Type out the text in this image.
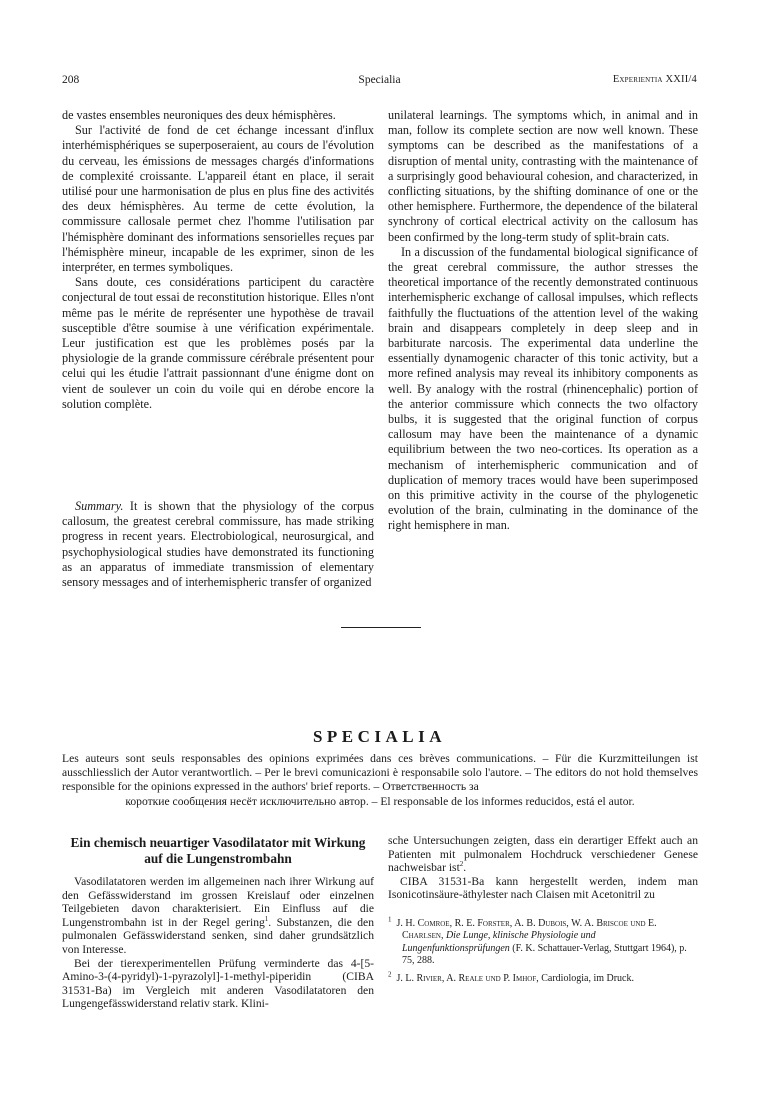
208	Specialia	Experientia XXII/4

de vastes ensembles neuroniques des deux hémisphères.

Sur l'activité de fond de cet échange incessant d'influx interhémisphériques se superposeraient, au cours de l'évolution du cerveau, les émissions de messages chargés d'informations de complexité croissante. L'appareil étant en place, il serait utilisé pour une harmonisation de plus en plus fine des activités des deux hémisphères. Au terme de cette évolution, la commissure callosale permet chez l'homme l'utilisation par l'hémisphère dominant des informations sensorielles reçues par l'hémisphère mineur, incapable de les exprimer, sinon de les interpréter, en termes symboliques.

Sans doute, ces considérations participent du caractère conjectural de tout essai de reconstitution historique. Elles n'ont même pas le mérite de représenter une hypothèse de travail susceptible d'être soumise à une vérification expérimentale. Leur justification est que les problèmes posés par la physiologie de la grande commissure cérébrale présentent pour celui qui les étudie l'attrait passionnant d'une énigme dont on vient de soulever un coin du voile qui en dérobe encore la solution complète.

Summary. It is shown that the physiology of the corpus callosum, the greatest cerebral commissure, has made striking progress in recent years. Electrobiological, neurosurgical, and psychophysiological studies have demonstrated its functioning as an apparatus of immediate transmission of elementary sensory messages and of interhemispheric transfer of organized

unilateral learnings. The symptoms which, in animal and in man, follow its complete section are now well known. These symptoms can be described as the manifestations of a disruption of mental unity, contrasting with the maintenance of a surprisingly good behavioural cohesion, and characterized, in conflicting situations, by the shifting dominance of one or the other hemisphere. Furthermore, the dependence of the bilateral synchrony of cortical electrical activity on the callosum has been confirmed by the long-term study of split-brain cats.

In a discussion of the fundamental biological significance of the great cerebral commissure, the author stresses the theoretical importance of the recently demonstrated continuous interhemispheric exchange of callosal impulses, which reflects faithfully the fluctuations of the attention level of the waking brain and disappears completely in deep sleep and in barbiturate narcosis. The experimental data underline the essentially dynamogenic character of this tonic activity, but a more refined analysis may reveal its inhibitory components as well. By analogy with the rostral (rhinencephalic) portion of the anterior commissure which connects the two olfactory bulbs, it is suggested that the original function of corpus callosum may have been the maintenance of a dynamic equilibrium between the two neo-cortices. Its operation as a mechanism of interhemispheric communication and of duplication of memory traces would have been superimposed on this primitive activity in the course of the phylogenetic evolution of the brain, culminating in the dominance of the right hemisphere in man.

SPECIALIA
Les auteurs sont seuls responsables des opinions exprimées dans ces brèves communications. – Für die Kurzmitteilungen ist ausschliesslich der Autor verantwortlich. – Per le brevi comunicazioni è responsabile solo l'autore. – The editors do not hold themselves responsible for the opinions expressed in the authors' brief reports. – Ответственность за
короткие сообщения несёт исключительно автор. – El responsable de los informes reducidos, está el autor.
Ein chemisch neuartiger Vasodilatator mit Wirkung auf die Lungenstrombahn

Vasodilatatoren werden im allgemeinen nach ihrer Wirkung auf den Gefässwiderstand im grossen Kreislauf oder einzelnen Teilgebieten davon charakterisiert. Ein Einfluss auf die Lungenstrombahn ist in der Regel gering$^1$. Substanzen, die den pulmonalen Gefässwiderstand senken, sind daher grundsätzlich von Interesse.

Bei der tierexperimentellen Prüfung verminderte das 4-[5-Amino-3-(4-pyridyl)-1-pyrazolyl]-1-methyl-piperidin (CIBA 31531-Ba) im Vergleich mit anderen Vasodilatatoren den Lungengefässwiderstand relativ stark. Klini-

sche Untersuchungen zeigten, dass ein derartiger Effekt auch an Patienten mit pulmonalem Hochdruck verschiedener Genese nachweisbar ist$^2$.

CIBA 31531-Ba kann hergestellt werden, indem man Isonicotinsäure-äthylester nach Claisen mit Acetonitril zu

$^1$ J. H. Comroe, R. E. Forster, A. B. Dubois, W. A. Briscoe und E. Charlsen, Die Lunge, klinische Physiologie und Lungenfunktionsprüfungen (F. K. Schattauer-Verlag, Stuttgart 1964), p. 75, 288.

$^2$ J. L. Rivier, A. Reale und P. Imhof, Cardiologia, im Druck.
